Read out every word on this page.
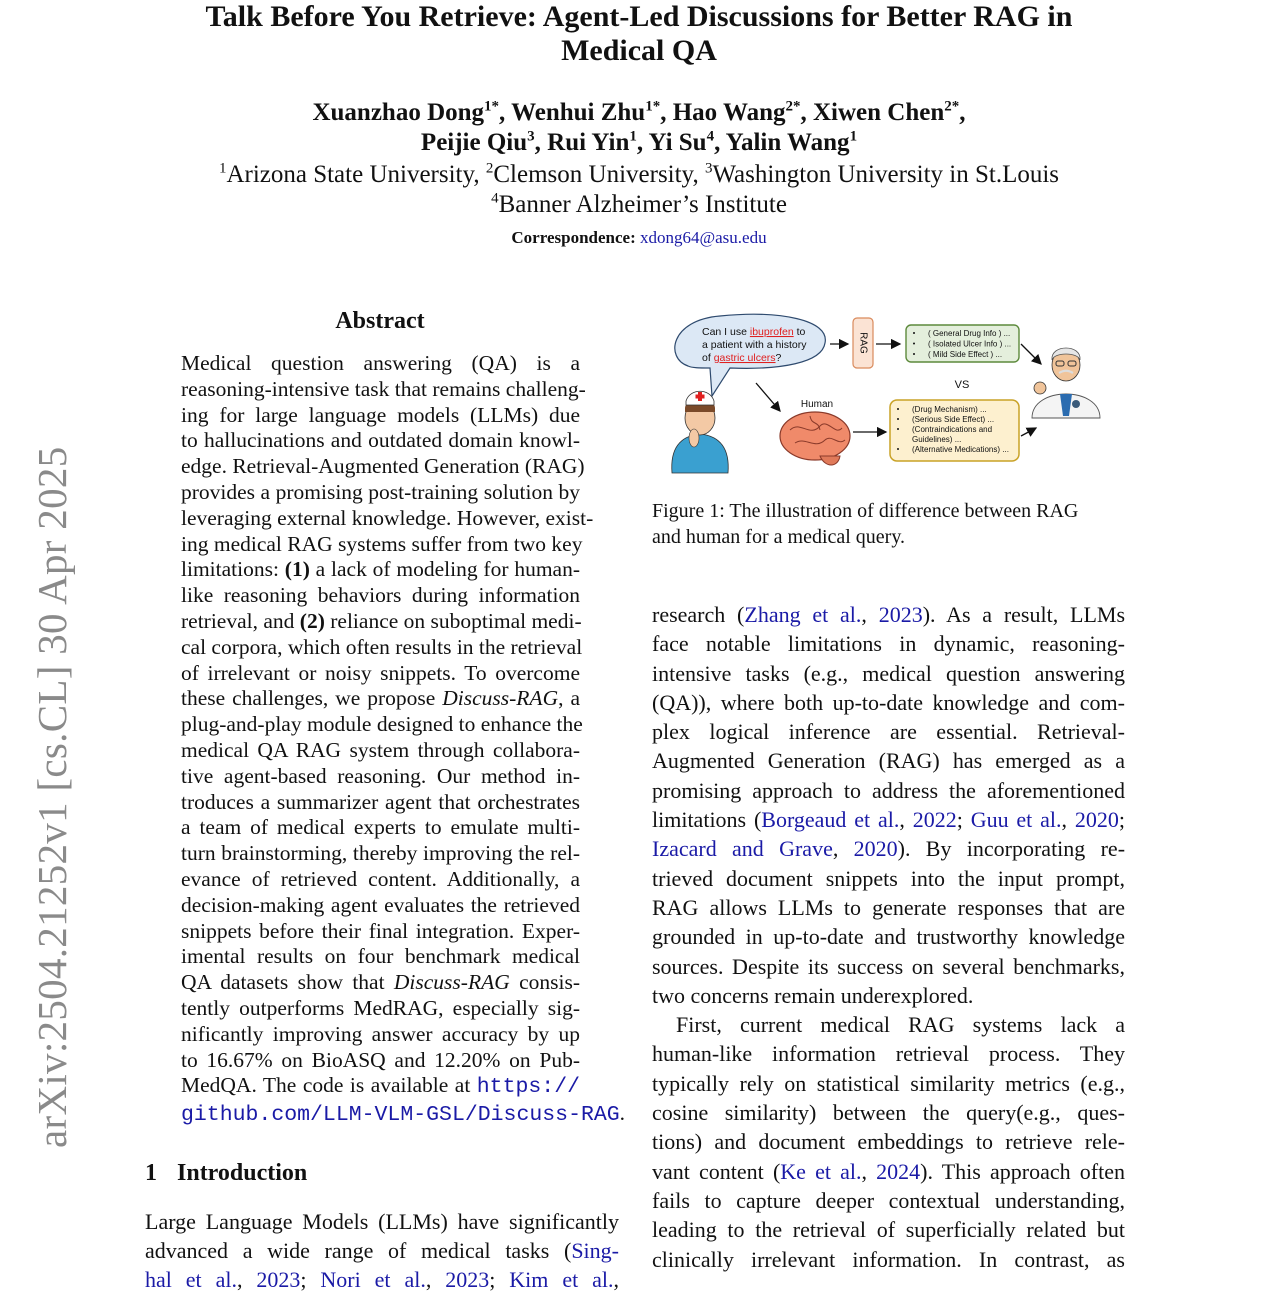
arXiv:2504.21252v1 [cs.CL] 30 Apr 2025
Talk Before You Retrieve: Agent-Led Discussions for Better RAG in
Medical QA
Xuanzhao Dong$^{1*}$, Wenhui Zhu$^{1*}$, Hao Wang$^{2*}$, Xiwen Chen$^{2*}$,
Peijie Qiu$^3$, Rui Yin$^1$, Yi Su$^4$, Yalin Wang$^1$
$^1$Arizona State University, $^2$Clemson University, $^3$Washington University in St.Louis
$^4$Banner Alzheimer’s Institute
Correspondence: xdong64@asu.edu
Abstract
Medical question answering (QA) is a
reasoning-intensive task that remains challeng-
ing for large language models (LLMs) due
to hallucinations and outdated domain knowl-
edge. Retrieval-Augmented Generation (RAG)
provides a promising post-training solution by
leveraging external knowledge. However, exist-
ing medical RAG systems suffer from two key
limitations: (1) a lack of modeling for human-
like reasoning behaviors during information
retrieval, and (2) reliance on suboptimal medi-
cal corpora, which often results in the retrieval
of irrelevant or noisy snippets. To overcome
these challenges, we propose Discuss-RAG, a
plug-and-play module designed to enhance the
medical QA RAG system through collabora-
tive agent-based reasoning. Our method in-
troduces a summarizer agent that orchestrates
a team of medical experts to emulate multi-
turn brainstorming, thereby improving the rel-
evance of retrieved content. Additionally, a
decision-making agent evaluates the retrieved
snippets before their final integration. Exper-
imental results on four benchmark medical
QA datasets show that Discuss-RAG consis-
tently outperforms MedRAG, especially sig-
nificantly improving answer accuracy by up
to 16.67% on BioASQ and 12.20% on Pub-
MedQA. The code is available at https://
github.com/LLM-VLM-GSL/Discuss-RAG.
1 Introduction
Large Language Models (LLMs) have significantly
advanced a wide range of medical tasks (Sing-
hal et al., 2023; Nori et al., 2023; Kim et al.,
research (Zhang et al., 2023). As a result, LLMs
face notable limitations in dynamic, reasoning-
intensive tasks (e.g., medical question answering
(QA)), where both up-to-date knowledge and com-
plex logical inference are essential. Retrieval-
Augmented Generation (RAG) has emerged as a
promising approach to address the aforementioned
limitations (Borgeaud et al., 2022; Guu et al., 2020;
Izacard and Grave, 2020). By incorporating re-
trieved document snippets into the input prompt,
RAG allows LLMs to generate responses that are
grounded in up-to-date and trustworthy knowledge
sources. Despite its success on several benchmarks,
two concerns remain underexplored.
First, current medical RAG systems lack a
human-like information retrieval process. They
typically rely on statistical similarity metrics (e.g.,
cosine similarity) between the query(e.g., ques-
tions) and document embeddings to retrieve rele-
vant content (Ke et al., 2024). This approach often
fails to capture deeper contextual understanding,
leading to the retrieval of superficially related but
clinically irrelevant information. In contrast, as
Can I use ibuprofen to
a patient with a history
of gastric ulcers?
RAG	( General Drug Info ) ...
( Isolated Ulcer Info ) ...
( Mild Side Effect ) ...
VS
(Drug Mechanism) ...
(Serious Side Effect) ...
(Contraindications and
Guidelines) ...
(Alternative Medications) ...
Human
Figure 1: The illustration of difference between RAG
and human for a medical query.
